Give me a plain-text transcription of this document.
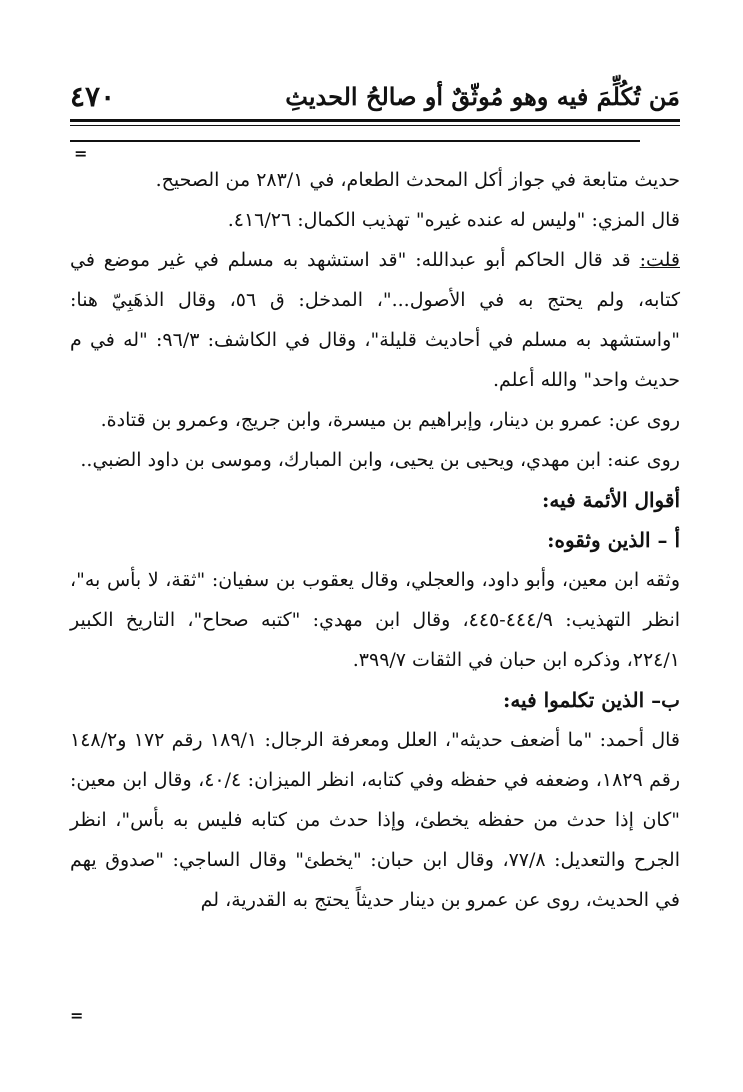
٤٧٠	مَن تُكُلِّمَ فيه وهو مُوثّقٌ أو صالحُ الحديثِ
=

حديث متابعة في جواز أكل المحدث الطعام، في ٢٨٣/١ من الصحيح.

قال المزي: "وليس له عنده غيره" تهذيب الكمال: ٤١٦/٢٦.

قلت: قد قال الحاكم أبو عبدالله: "قد استشهد به مسلم في غير موضع في كتابه، ولم يحتج به في الأصول..."، المدخل: ق ٥٦، وقال الذهَبِيّ هنا: "واستشهد به مسلم في أحاديث قليلة"، وقال في الكاشف: ٩٦/٣: "له في م حديث واحد" والله أعلم.

روى عن: عمرو بن دينار، وإبراهيم بن ميسرة، وابن جريج، وعمرو بن قتادة.

روى عنه: ابن مهدي، ويحيى بن يحيى، وابن المبارك، وموسى بن داود الضبي..

أقوال الأئمة فيه:

أ – الذين وثقوه:

وثقه ابن معين، وأبو داود، والعجلي، وقال يعقوب بن سفيان: "ثقة، لا بأس به"، انظر التهذيب: ٤٤٤/٩-٤٤٥، وقال ابن مهدي: "كتبه صحاح"، التاريخ الكبير ٢٢٤/١، وذكره ابن حبان في الثقات ٣٩٩/٧.

ب– الذين تكلموا فيه:

قال أحمد: "ما أضعف حديثه"، العلل ومعرفة الرجال: ١٨٩/١ رقم ١٧٢ و١٤٨/٢ رقم ١٨٢٩، وضعفه في حفظه وفي كتابه، انظر الميزان: ٤٠/٤، وقال ابن معين: "كان إذا حدث من حفظه يخطئ، وإذا حدث من كتابه فليس به بأس"، انظر الجرح والتعديل: ٧٧/٨، وقال ابن حبان: "يخطئ" وقال الساجي: "صدوق يهم في الحديث، روى عن عمرو بن دينار حديثاً يحتج به القدرية، لم

=
